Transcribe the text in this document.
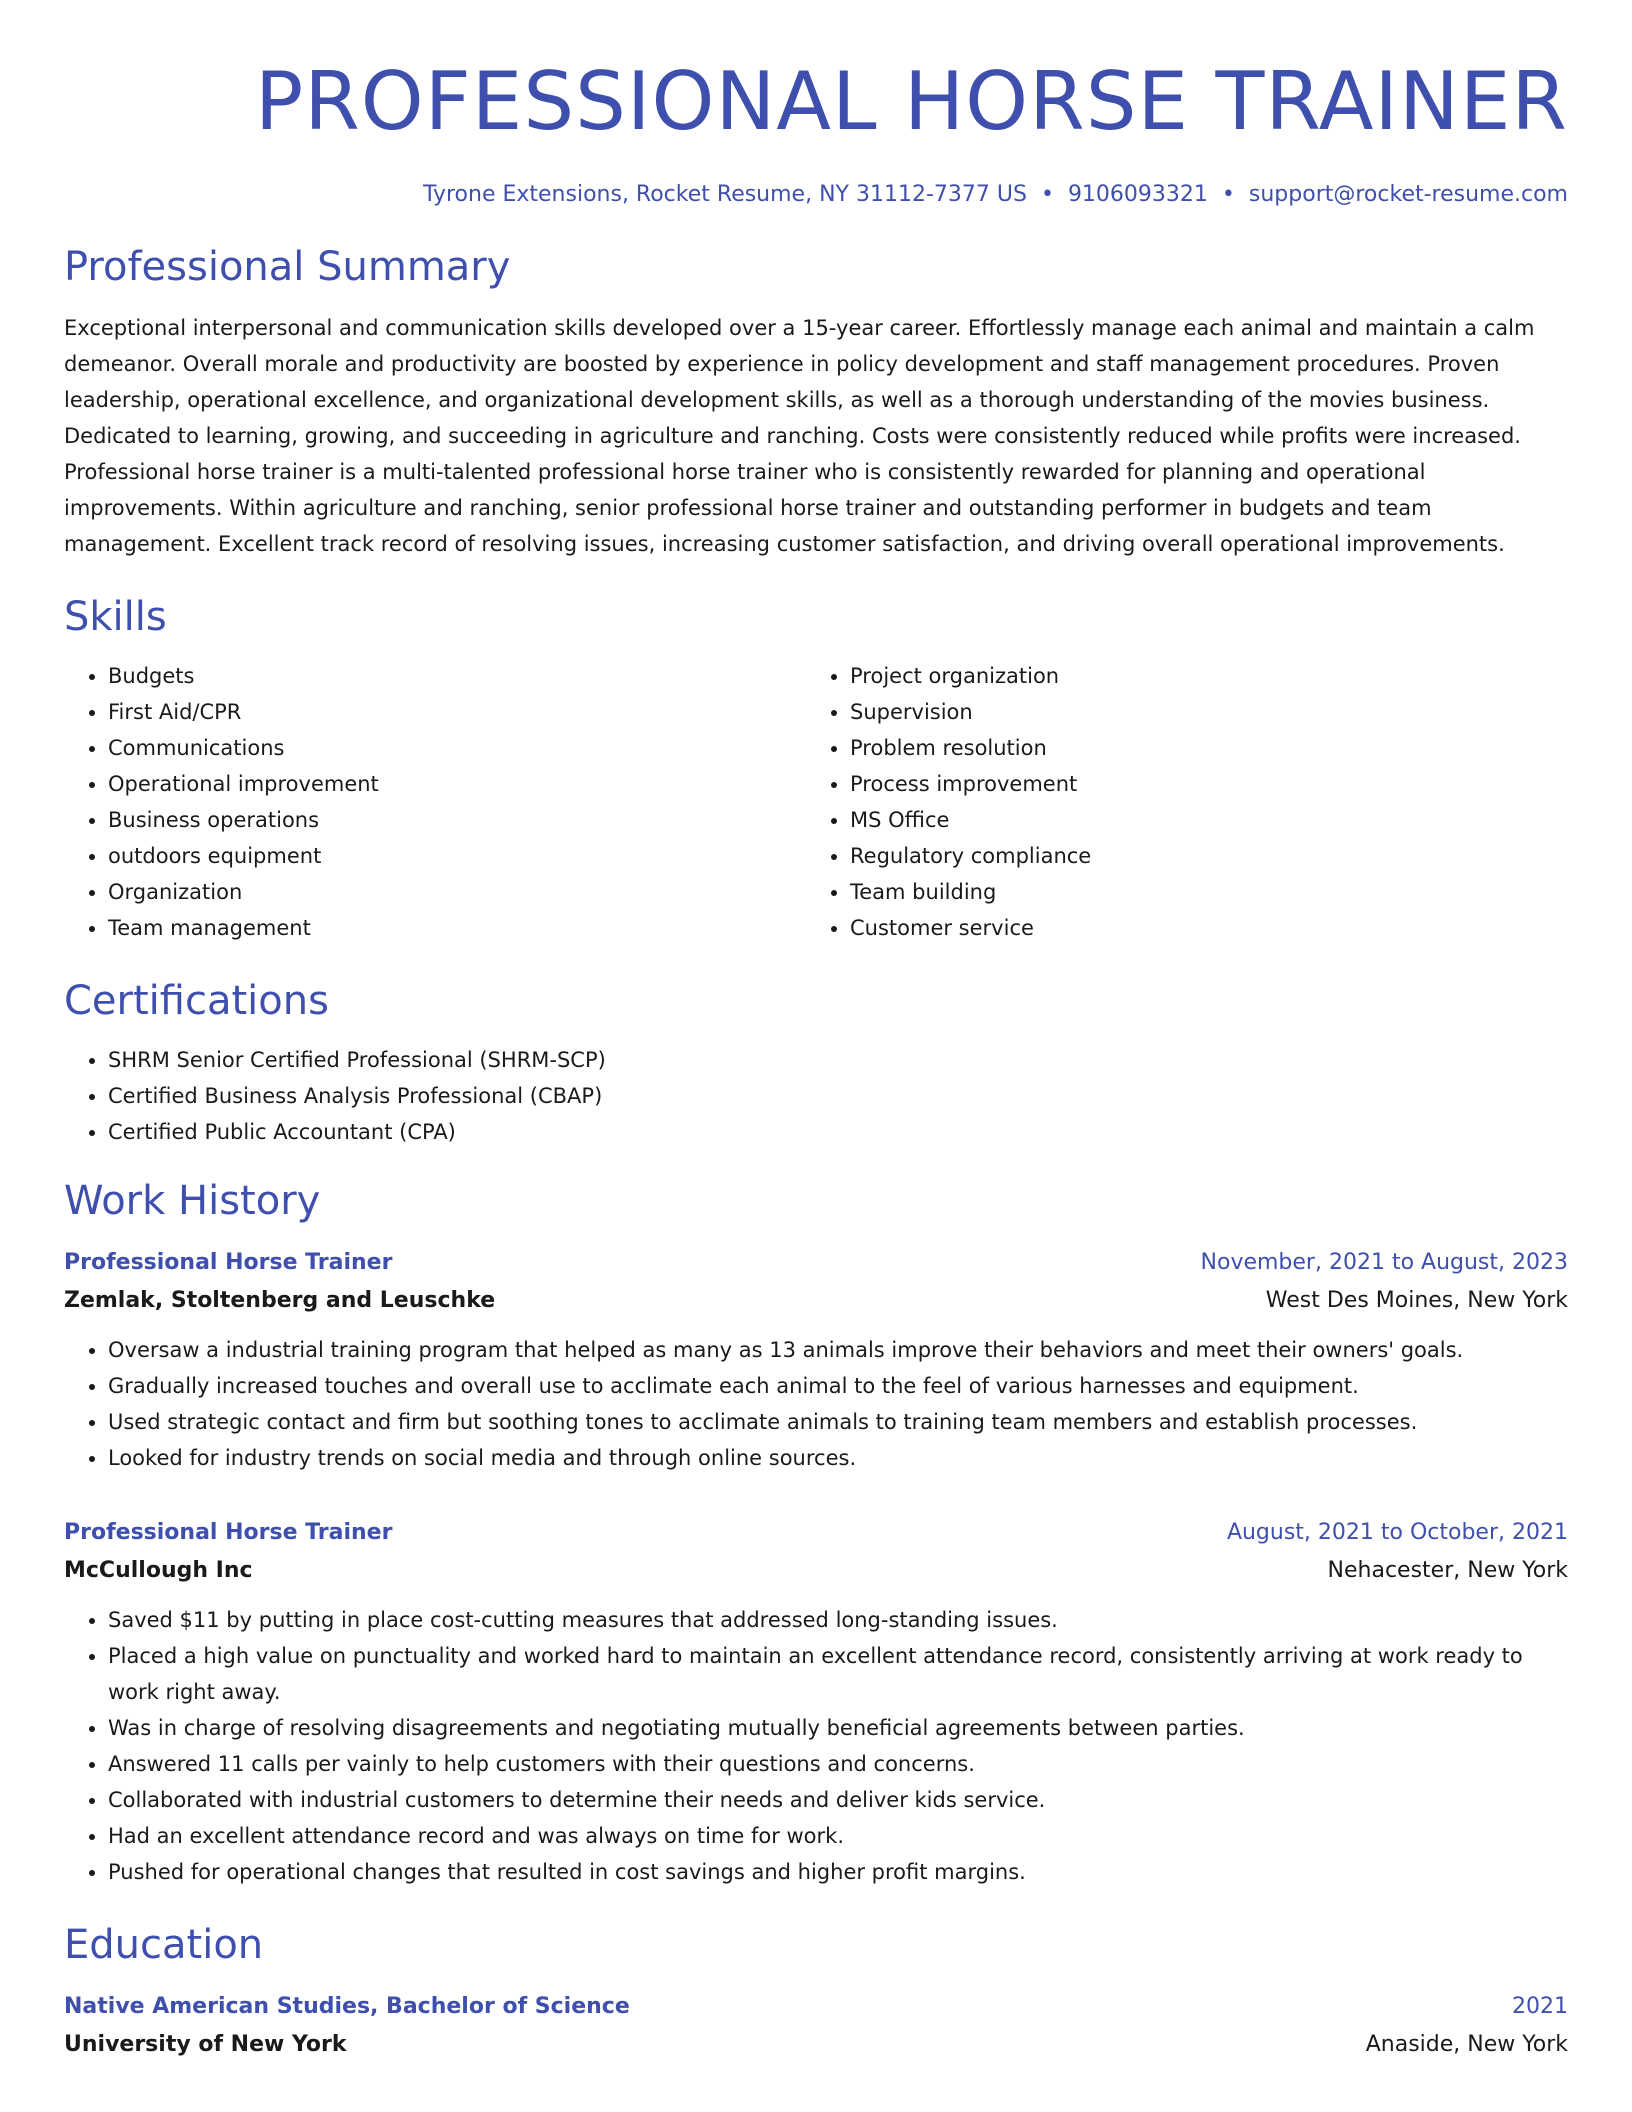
PROFESSIONAL HORSE TRAINER
Tyrone Extensions, Rocket Resume, NY 31112-7377 US • 9106093321 • support@rocket-resume.com
Professional Summary

Exceptional interpersonal and communication skills developed over a 15-year career. Effortlessly manage each animal and maintain a calm demeanor. Overall morale and productivity are boosted by experience in policy development and staff management procedures. Proven leadership, operational excellence, and organizational development skills, as well as a thorough understanding of the movies business. Dedicated to learning, growing, and succeeding in agriculture and ranching. Costs were consistently reduced while profits were increased. Professional horse trainer is a multi-talented professional horse trainer who is consistently rewarded for planning and operational improvements. Within agriculture and ranching, senior professional horse trainer and outstanding performer in budgets and team management. Excellent track record of resolving issues, increasing customer satisfaction, and driving overall operational improvements.

Skills
• Budgets
• First Aid/CPR
• Communications
• Operational improvement
• Business operations
• outdoors equipment
• Organization
• Team management
• Project organization
• Supervision
• Problem resolution
• Process improvement
• MS Office
• Regulatory compliance
• Team building
• Customer service
Certifications
• SHRM Senior Certified Professional (SHRM-SCP)
• Certified Business Analysis Professional (CBAP)
• Certified Public Accountant (CPA)
Work History
Professional Horse Trainer	November, 2021 to August, 2023
Zemlak, Stoltenberg and Leuschke	West Des Moines, New York
• Oversaw a industrial training program that helped as many as 13 animals improve their behaviors and meet their owners' goals.
• Gradually increased touches and overall use to acclimate each animal to the feel of various harnesses and equipment.
• Used strategic contact and firm but soothing tones to acclimate animals to training team members and establish processes.
• Looked for industry trends on social media and through online sources.
Professional Horse Trainer	August, 2021 to October, 2021
McCullough Inc	Nehacester, New York
• Saved $11 by putting in place cost-cutting measures that addressed long-standing issues.
• Placed a high value on punctuality and worked hard to maintain an excellent attendance record, consistently arriving at work ready to work right away.
• Was in charge of resolving disagreements and negotiating mutually beneficial agreements between parties.
• Answered 11 calls per vainly to help customers with their questions and concerns.
• Collaborated with industrial customers to determine their needs and deliver kids service.
• Had an excellent attendance record and was always on time for work.
• Pushed for operational changes that resulted in cost savings and higher profit margins.
Education
Native American Studies, Bachelor of Science	2021
University of New York	Anaside, New York
